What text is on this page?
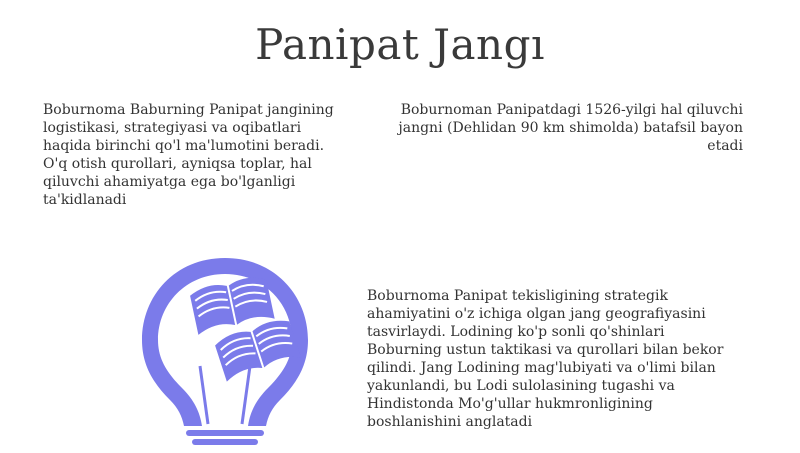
Panipat Jangı
Boburnoma Baburning Panipat jangining logistikasi, strategiyasi va oqibatlari haqida birinchi qo'l ma'lumotini beradi. O'q otish qurollari, ayniqsa toplar, hal qiluvchi ahamiyatga ega bo'lganligi ta'kidlanadi
Boburnoman Panipatdagi 1526-yilgi hal qiluvchi jangni (Dehlidan 90 km shimolda) batafsil bayon etadi
Boburnoma Panipat tekisligining strategik ahamiyatini o'z ichiga olgan jang geografiyasini tasvirlaydi. Lodining ko'p sonli qo'shinlari Boburning ustun taktikasi va qurollari bilan bekor qilindi. Jang Lodining mag'lubiyati va o'limi bilan yakunlandi, bu Lodi sulolasining tugashi va Hindistonda Mo'g'ullar hukmronligining boshlanishini anglatadi
